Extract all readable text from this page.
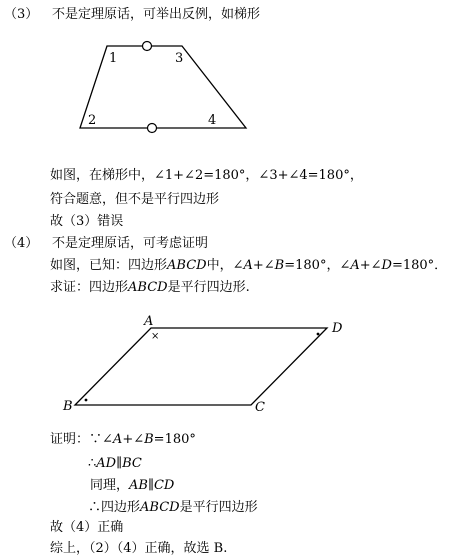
（3） 不是定理原话，可举出反例，如梯形
1	3
2	4
×
A	D
B	C
如图，在梯形中，∠1+∠2=180°，∠3+∠4=180°，
符合题意，但不是平行四边形
故（3）错误
（4） 不是定理原话，可考虑证明
如图，已知：四边形ABCD中，∠A+∠B=180°，∠A+∠D=180°．
求证：四边形ABCD是平行四边形.
证明：∵∠A+∠B=180°
∴AD∥BC
同理，AB∥CD
∴四边形ABCD是平行四边形
故（4）正确
综上，（2）（4）正确，故选 B.
